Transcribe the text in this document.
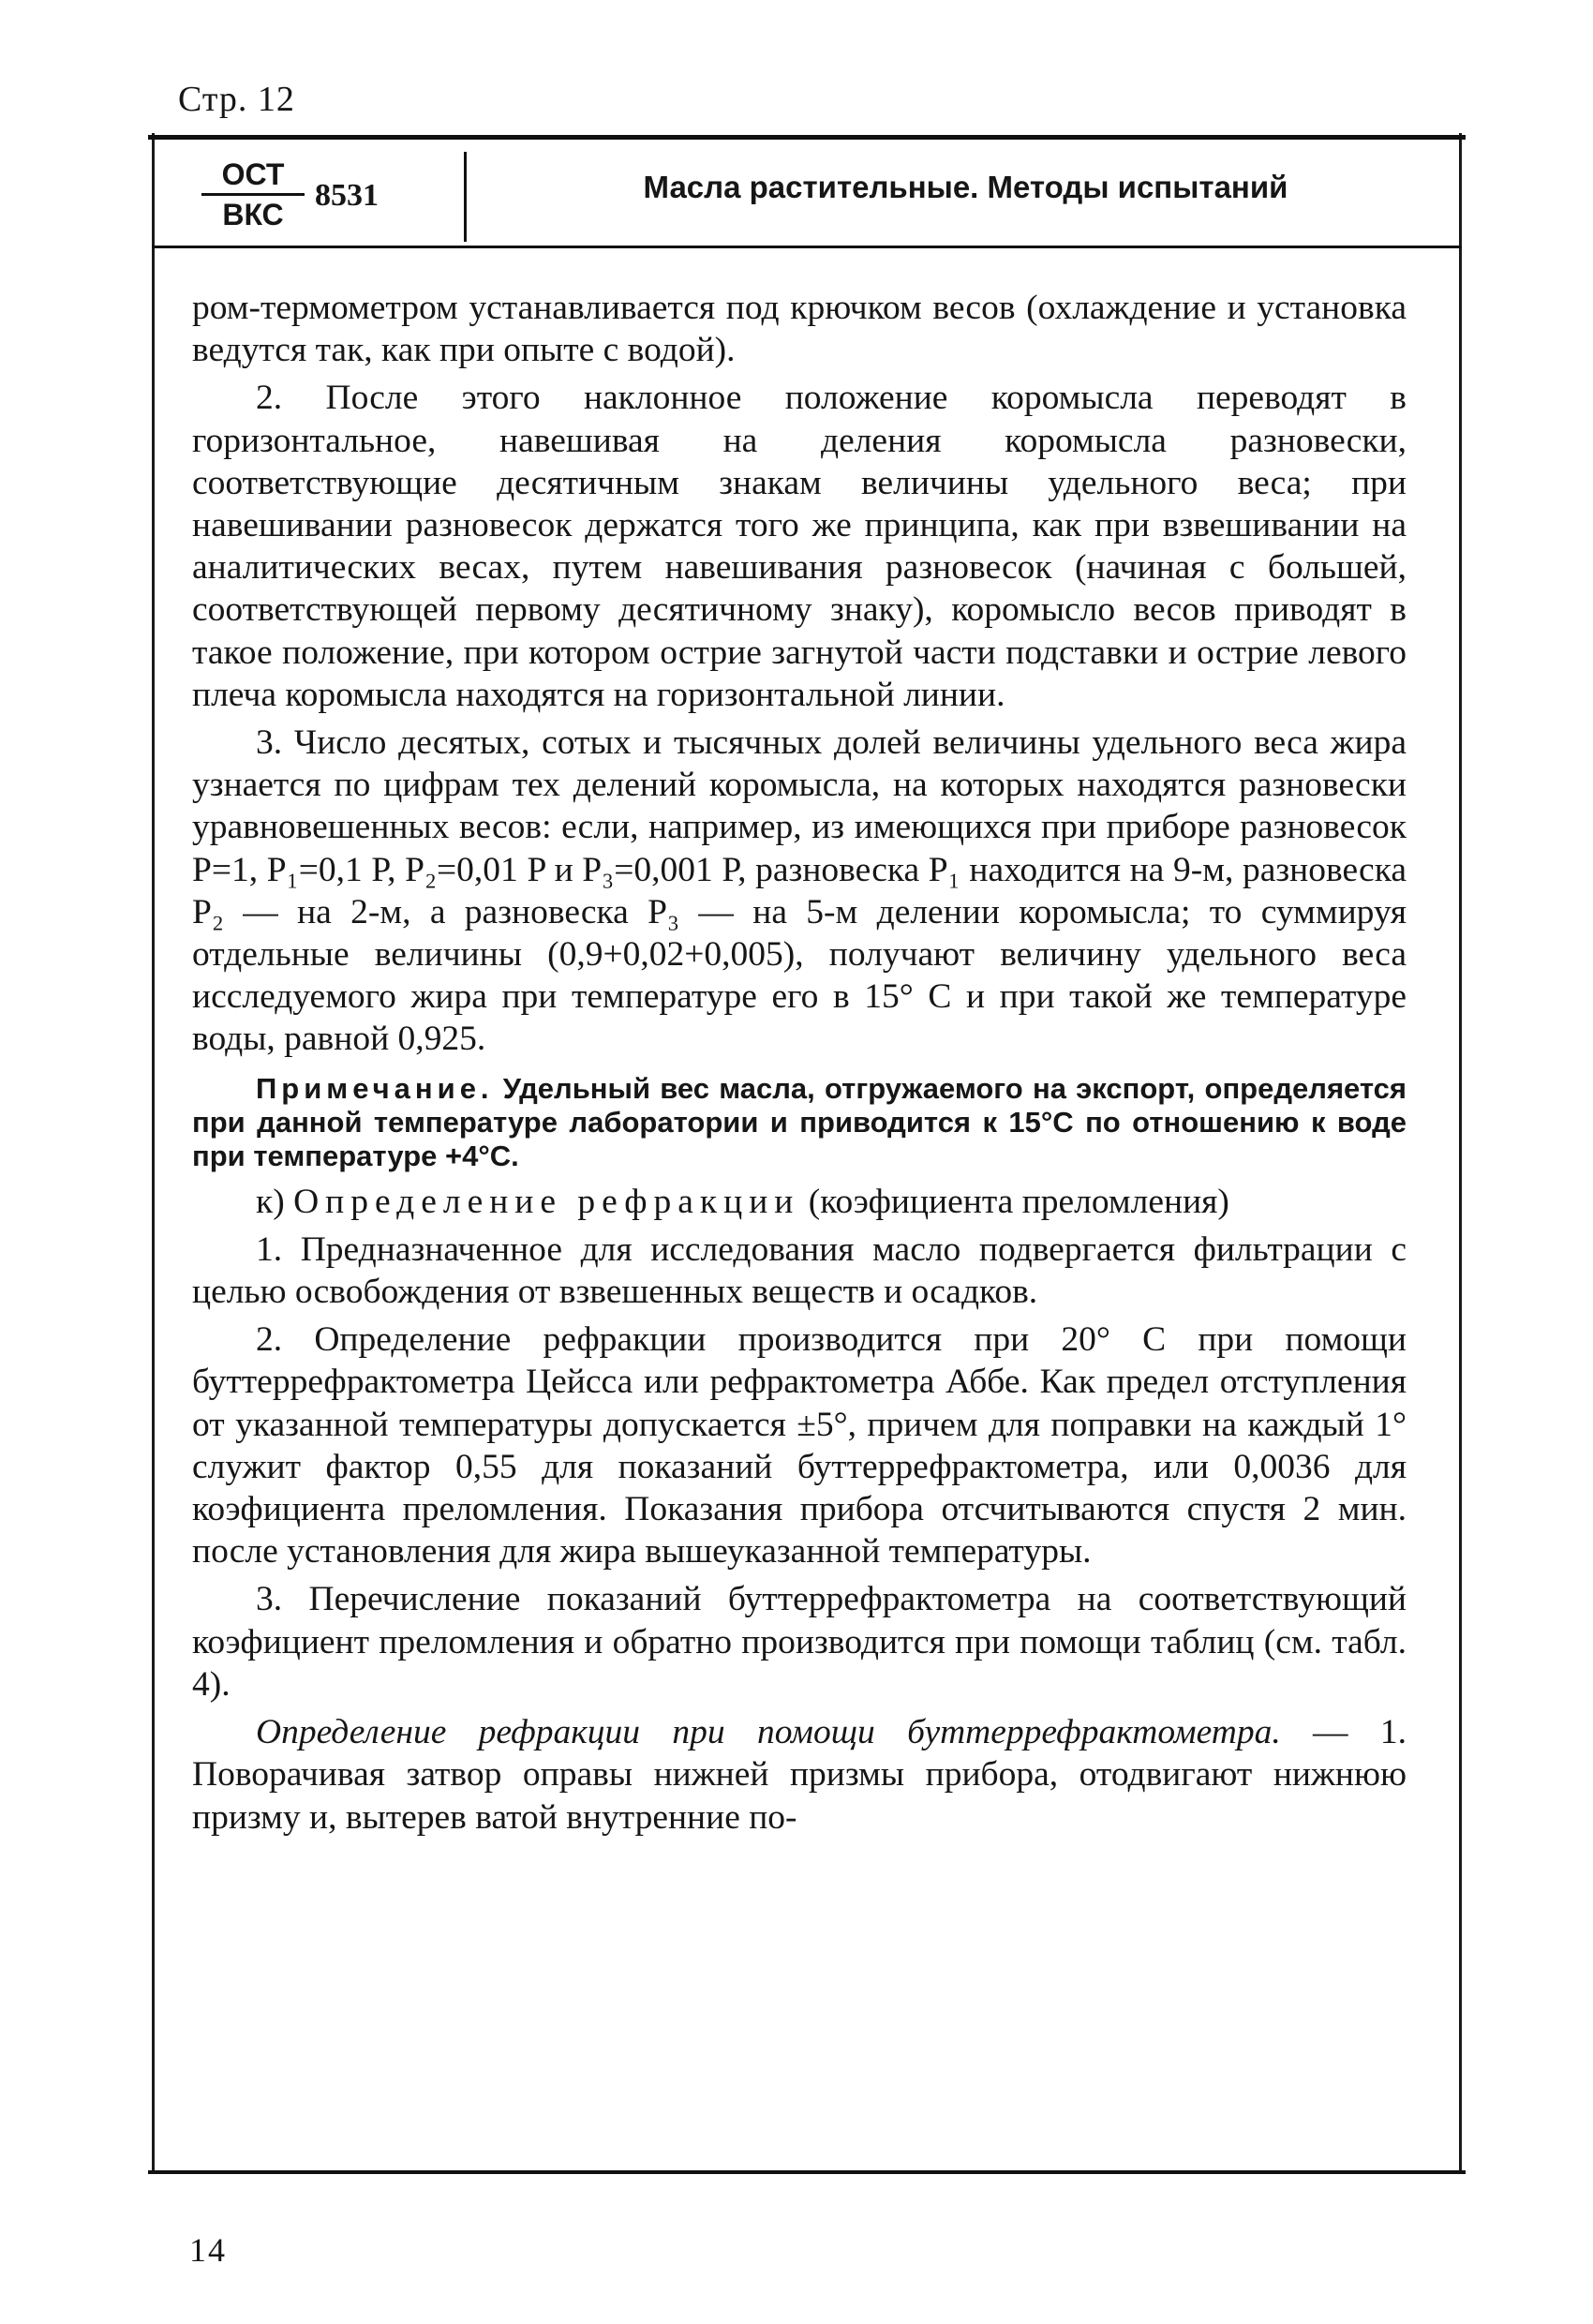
Стр. 12
ОСТ
ВКС
8531	Масла растительные. Методы испытаний

ром-термометром устанавливается под крючком весов (охлаждение и установка ведутся так, как при опыте с водой).

2. После этого наклонное положение коромысла переводят в горизонтальное, навешивая на деления коромысла разновески, соответствующие десятичным знакам величины удельного веса; при навешивании разновесок держатся того же принципа, как при взвешивании на аналитических весах, путем навешивания разновесок (начиная с большей, соответствующей первому десятичному знаку), коромысло весов приводят в такое положение, при котором острие загнутой части подставки и острие левого плеча коромысла находятся на горизонтальной линии.

3. Число десятых, сотых и тысячных долей величины удельного веса жира узнается по цифрам тех делений коромысла, на которых находятся разновески уравновешенных весов: если, например, из имеющихся при приборе разновесок P=1, P₁=0,1 P, P₂=0,01 P и P₃=0,001 P, разновеска P₁ находится на 9-м, разновеска P₂ — на 2-м, а разновеска P₃ — на 5-м делении коромысла; то суммируя отдельные величины (0,9+0,02+0,005), получают величину удельного веса исследуемого жира при температуре его в 15° С и при такой же температуре воды, равной 0,925.

Примечание. Удельный вес масла, отгружаемого на экспорт, определяется при данной температуре лаборатории и приводится к 15°С по отношению к воде при температуре +4°С.

к) Определение рефракции (коэфициента преломления)

1. Предназначенное для исследования масло подвергается фильтрации с целью освобождения от взвешенных веществ и осадков.

2. Определение рефракции производится при 20° С при помощи буттеррефрактометра Цейсса или рефрактометра Аббе. Как предел отступления от указанной температуры допускается ±5°, причем для поправки на каждый 1° служит фактор 0,55 для показаний буттеррефрактометра, или 0,0036 для коэфициента преломления. Показания прибора отсчитываются спустя 2 мин. после установления для жира вышеуказанной температуры.

3. Перечисление показаний буттеррефрактометра на соответствующий коэфициент преломления и обратно производится при помощи таблиц (см. табл. 4).

Определение рефракции при помощи буттеррефрактометра. — 1. Поворачивая затвор оправы нижней призмы прибора, отодвигают нижнюю призму и, вытерев ватой внутренние по-

14
